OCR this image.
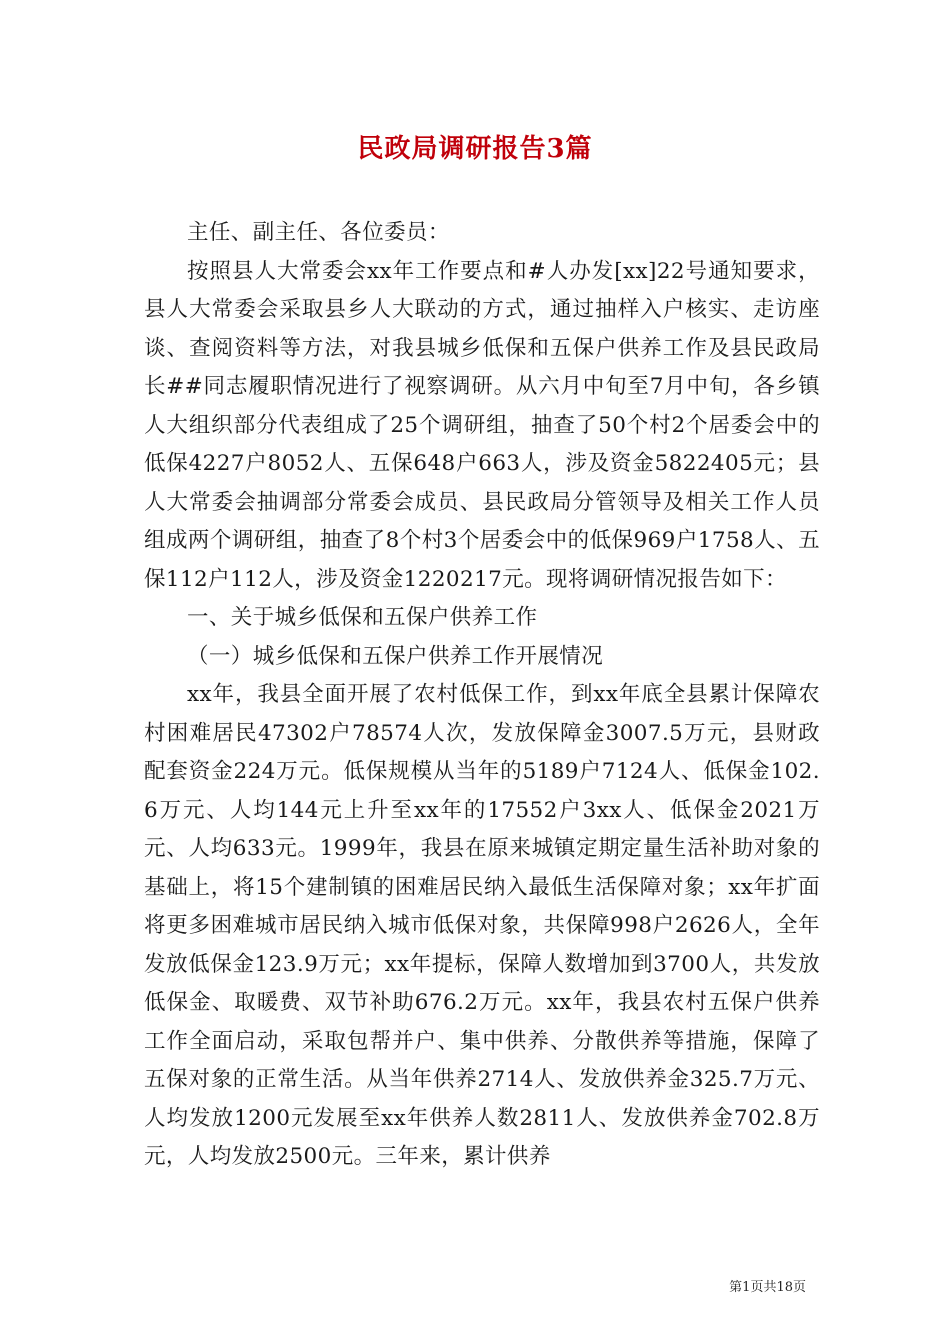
民政局调研报告3篇

主任、副主任、各位委员：

按照县人大常委会xx年工作要点和#人办发[xx]22号通知要求，县人大常委会采取县乡人大联动的方式，通过抽样入户核实、走访座谈、查阅资料等方法，对我县城乡低保和五保户供养工作及县民政局长##同志履职情况进行了视察调研。从六月中旬至7月中旬，各乡镇人大组织部分代表组成了25个调研组，抽查了50个村2个居委会中的低保4227户8052人、五保648户663人，涉及资金5822405元；县人大常委会抽调部分常委会成员、县民政局分管领导及相关工作人员组成两个调研组，抽查了8个村3个居委会中的低保969户1758人、五保112户112人，涉及资金1220217元。现将调研情况报告如下：

一、关于城乡低保和五保户供养工作

（一）城乡低保和五保户供养工作开展情况

xx年，我县全面开展了农村低保工作，到xx年底全县累计保障农村困难居民47302户78574人次，发放保障金3007.5万元，县财政配套资金224万元。低保规模从当年的5189户7124人、低保金102.6万元、人均144元上升至xx年的17552户3xx人、低保金2021万元、人均633元。1999年，我县在原来城镇定期定量生活补助对象的基础上，将15个建制镇的困难居民纳入最低生活保障对象；xx年扩面将更多困难城市居民纳入城市低保对象，共保障998户2626人，全年发放低保金123.9万元；xx年提标，保障人数增加到3700人，共发放低保金、取暖费、双节补助676.2万元。xx年，我县农村五保户供养工作全面启动，采取包帮并户、集中供养、分散供养等措施，保障了五保对象的正常生活。从当年供养2714人、发放供养金325.7万元、人均发放1200元发展至xx年供养人数2811人、发放供养金702.8万元，人均发放2500元。三年来，累计供养

第1页共18页
